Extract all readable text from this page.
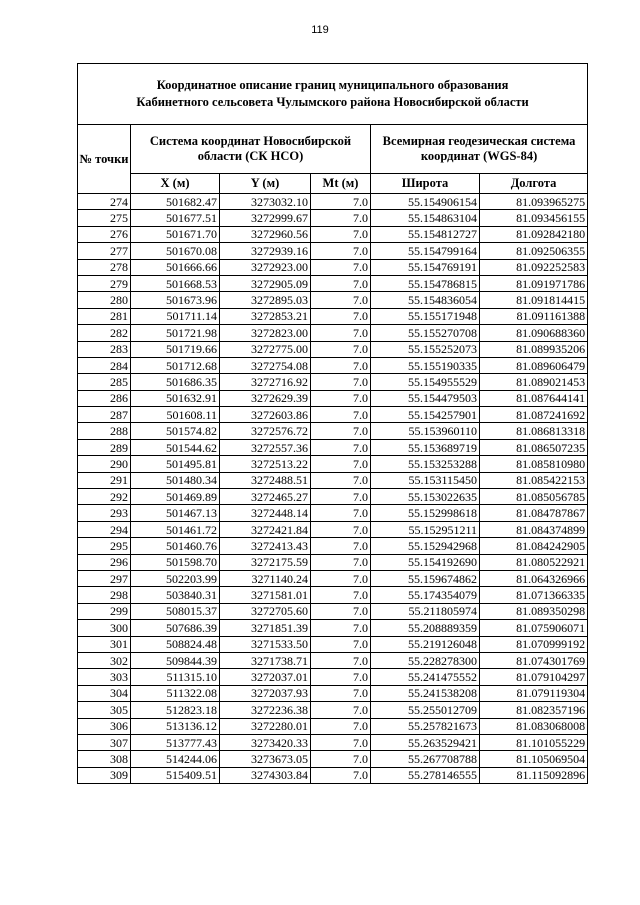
119
Координатное описание границ муниципального образования
Кабинетного сельсовета Чулымского района Новосибирской области					

№ точки	Система координат Новосибирской области (СК НСО)			Всемирная геодезическая система координат (WGS-84)	
	X (м)	Y (м)	Mt (м)	Широта	Долгота
274	501682.47	3273032.10	7.0	55.154906154	81.093965275
275	501677.51	3272999.67	7.0	55.154863104	81.093456155
276	501671.70	3272960.56	7.0	55.154812727	81.092842180
277	501670.08	3272939.16	7.0	55.154799164	81.092506355
278	501666.66	3272923.00	7.0	55.154769191	81.092252583
279	501668.53	3272905.09	7.0	55.154786815	81.091971786
280	501673.96	3272895.03	7.0	55.154836054	81.091814415
281	501711.14	3272853.21	7.0	55.155171948	81.091161388
282	501721.98	3272823.00	7.0	55.155270708	81.090688360
283	501719.66	3272775.00	7.0	55.155252073	81.089935206
284	501712.68	3272754.08	7.0	55.155190335	81.089606479
285	501686.35	3272716.92	7.0	55.154955529	81.089021453
286	501632.91	3272629.39	7.0	55.154479503	81.087644141
287	501608.11	3272603.86	7.0	55.154257901	81.087241692
288	501574.82	3272576.72	7.0	55.153960110	81.086813318
289	501544.62	3272557.36	7.0	55.153689719	81.086507235
290	501495.81	3272513.22	7.0	55.153253288	81.085810980
291	501480.34	3272488.51	7.0	55.153115450	81.085422153
292	501469.89	3272465.27	7.0	55.153022635	81.085056785
293	501467.13	3272448.14	7.0	55.152998618	81.084787867
294	501461.72	3272421.84	7.0	55.152951211	81.084374899
295	501460.76	3272413.43	7.0	55.152942968	81.084242905
296	501598.70	3272175.59	7.0	55.154192690	81.080522921
297	502203.99	3271140.24	7.0	55.159674862	81.064326966
298	503840.31	3271581.01	7.0	55.174354079	81.071366335
299	508015.37	3272705.60	7.0	55.211805974	81.089350298
300	507686.39	3271851.39	7.0	55.208889359	81.075906071
301	508824.48	3271533.50	7.0	55.219126048	81.070999192
302	509844.39	3271738.71	7.0	55.228278300	81.074301769
303	511315.10	3272037.01	7.0	55.241475552	81.079104297
304	511322.08	3272037.93	7.0	55.241538208	81.079119304
305	512823.18	3272236.38	7.0	55.255012709	81.082357196
306	513136.12	3272280.01	7.0	55.257821673	81.083068008
307	513777.43	3273420.33	7.0	55.263529421	81.101055229
308	514244.06	3273673.05	7.0	55.267708788	81.105069504
309	515409.51	3274303.84	7.0	55.278146555	81.115092896
